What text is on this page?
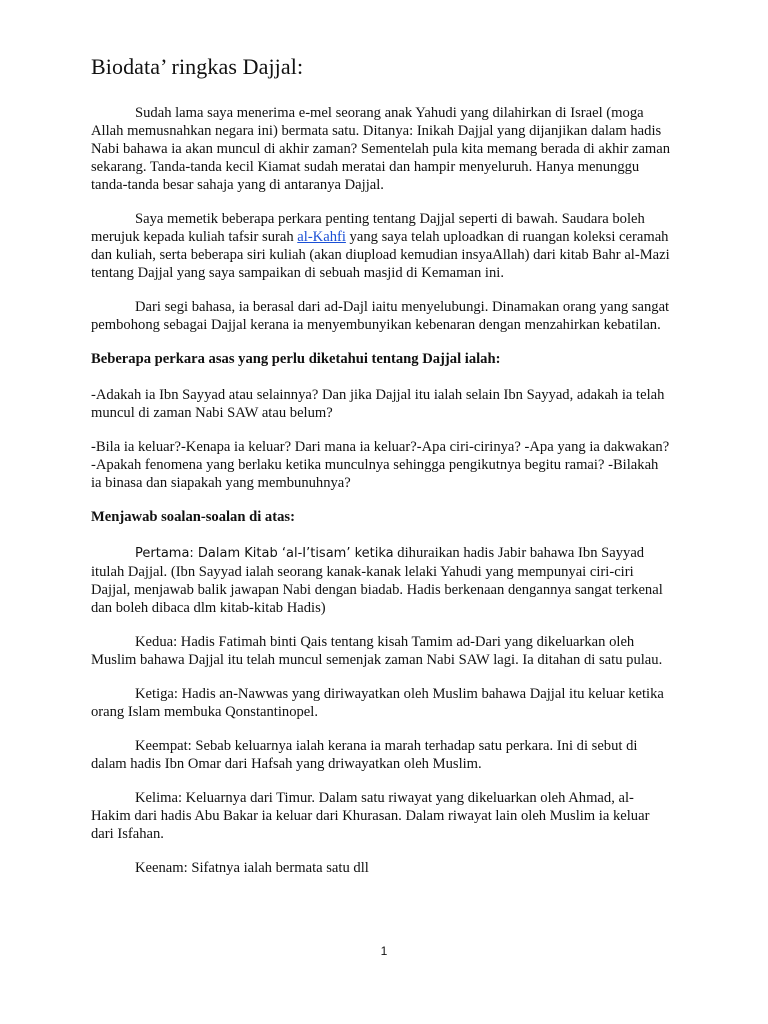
Biodata’ ringkas Dajjal:

Sudah lama saya menerima e-mel seorang anak Yahudi yang dilahirkan di Israel (moga Allah memusnahkan negara ini) bermata satu. Ditanya: Inikah Dajjal yang dijanjikan dalam hadis Nabi bahawa ia akan muncul di akhir zaman? Sementelah pula kita memang berada di akhir zaman sekarang. Tanda-tanda kecil Kiamat sudah meratai dan hampir menyeluruh. Hanya menunggu tanda-tanda besar sahaja yang di antaranya Dajjal.

Saya memetik beberapa perkara penting tentang Dajjal seperti di bawah. Saudara boleh merujuk kepada kuliah tafsir surah al-Kahfi yang saya telah uploadkan di ruangan koleksi ceramah dan kuliah, serta beberapa siri kuliah (akan diupload kemudian insyaAllah) dari kitab Bahr al-Mazi tentang Dajjal yang saya sampaikan di sebuah masjid di Kemaman ini.

Dari segi bahasa, ia berasal dari ad-Dajl iaitu menyelubungi. Dinamakan orang yang sangat pembohong sebagai Dajjal kerana ia menyembunyikan kebenaran dengan menzahirkan kebatilan.

Beberapa perkara asas yang perlu diketahui tentang Dajjal ialah:

-Adakah ia Ibn Sayyad atau selainnya? Dan jika Dajjal itu ialah selain Ibn Sayyad, adakah ia telah muncul di zaman Nabi SAW atau belum?

-Bila ia keluar?-Kenapa ia keluar? Dari mana ia keluar?-Apa ciri-cirinya? -Apa yang ia dakwakan? -Apakah fenomena yang berlaku ketika munculnya sehingga pengikutnya begitu ramai? -Bilakah ia binasa dan siapakah yang membunuhnya?

Menjawab soalan-soalan di atas:

Pertama: Dalam Kitab ‘al-I’tisam’ ketika dihuraikan hadis Jabir bahawa Ibn Sayyad itulah Dajjal. (Ibn Sayyad ialah seorang kanak-kanak lelaki Yahudi yang mempunyai ciri-ciri Dajjal, menjawab balik jawapan Nabi dengan biadab. Hadis berkenaan dengannya sangat terkenal dan boleh dibaca dlm kitab-kitab Hadis)

Kedua: Hadis Fatimah binti Qais tentang kisah Tamim ad-Dari yang dikeluarkan oleh Muslim bahawa Dajjal itu telah muncul semenjak zaman Nabi SAW lagi. Ia ditahan di satu pulau.

Ketiga: Hadis an-Nawwas yang diriwayatkan oleh Muslim bahawa Dajjal itu keluar ketika orang Islam membuka Qonstantinopel.

Keempat: Sebab keluarnya ialah kerana ia marah terhadap satu perkara. Ini di sebut di dalam hadis Ibn Omar dari Hafsah yang driwayatkan oleh Muslim.

Kelima: Keluarnya dari Timur. Dalam satu riwayat yang dikeluarkan oleh Ahmad, al-Hakim dari hadis Abu Bakar ia keluar dari Khurasan. Dalam riwayat lain oleh Muslim ia keluar dari Isfahan.

Keenam: Sifatnya ialah bermata satu dll

1
